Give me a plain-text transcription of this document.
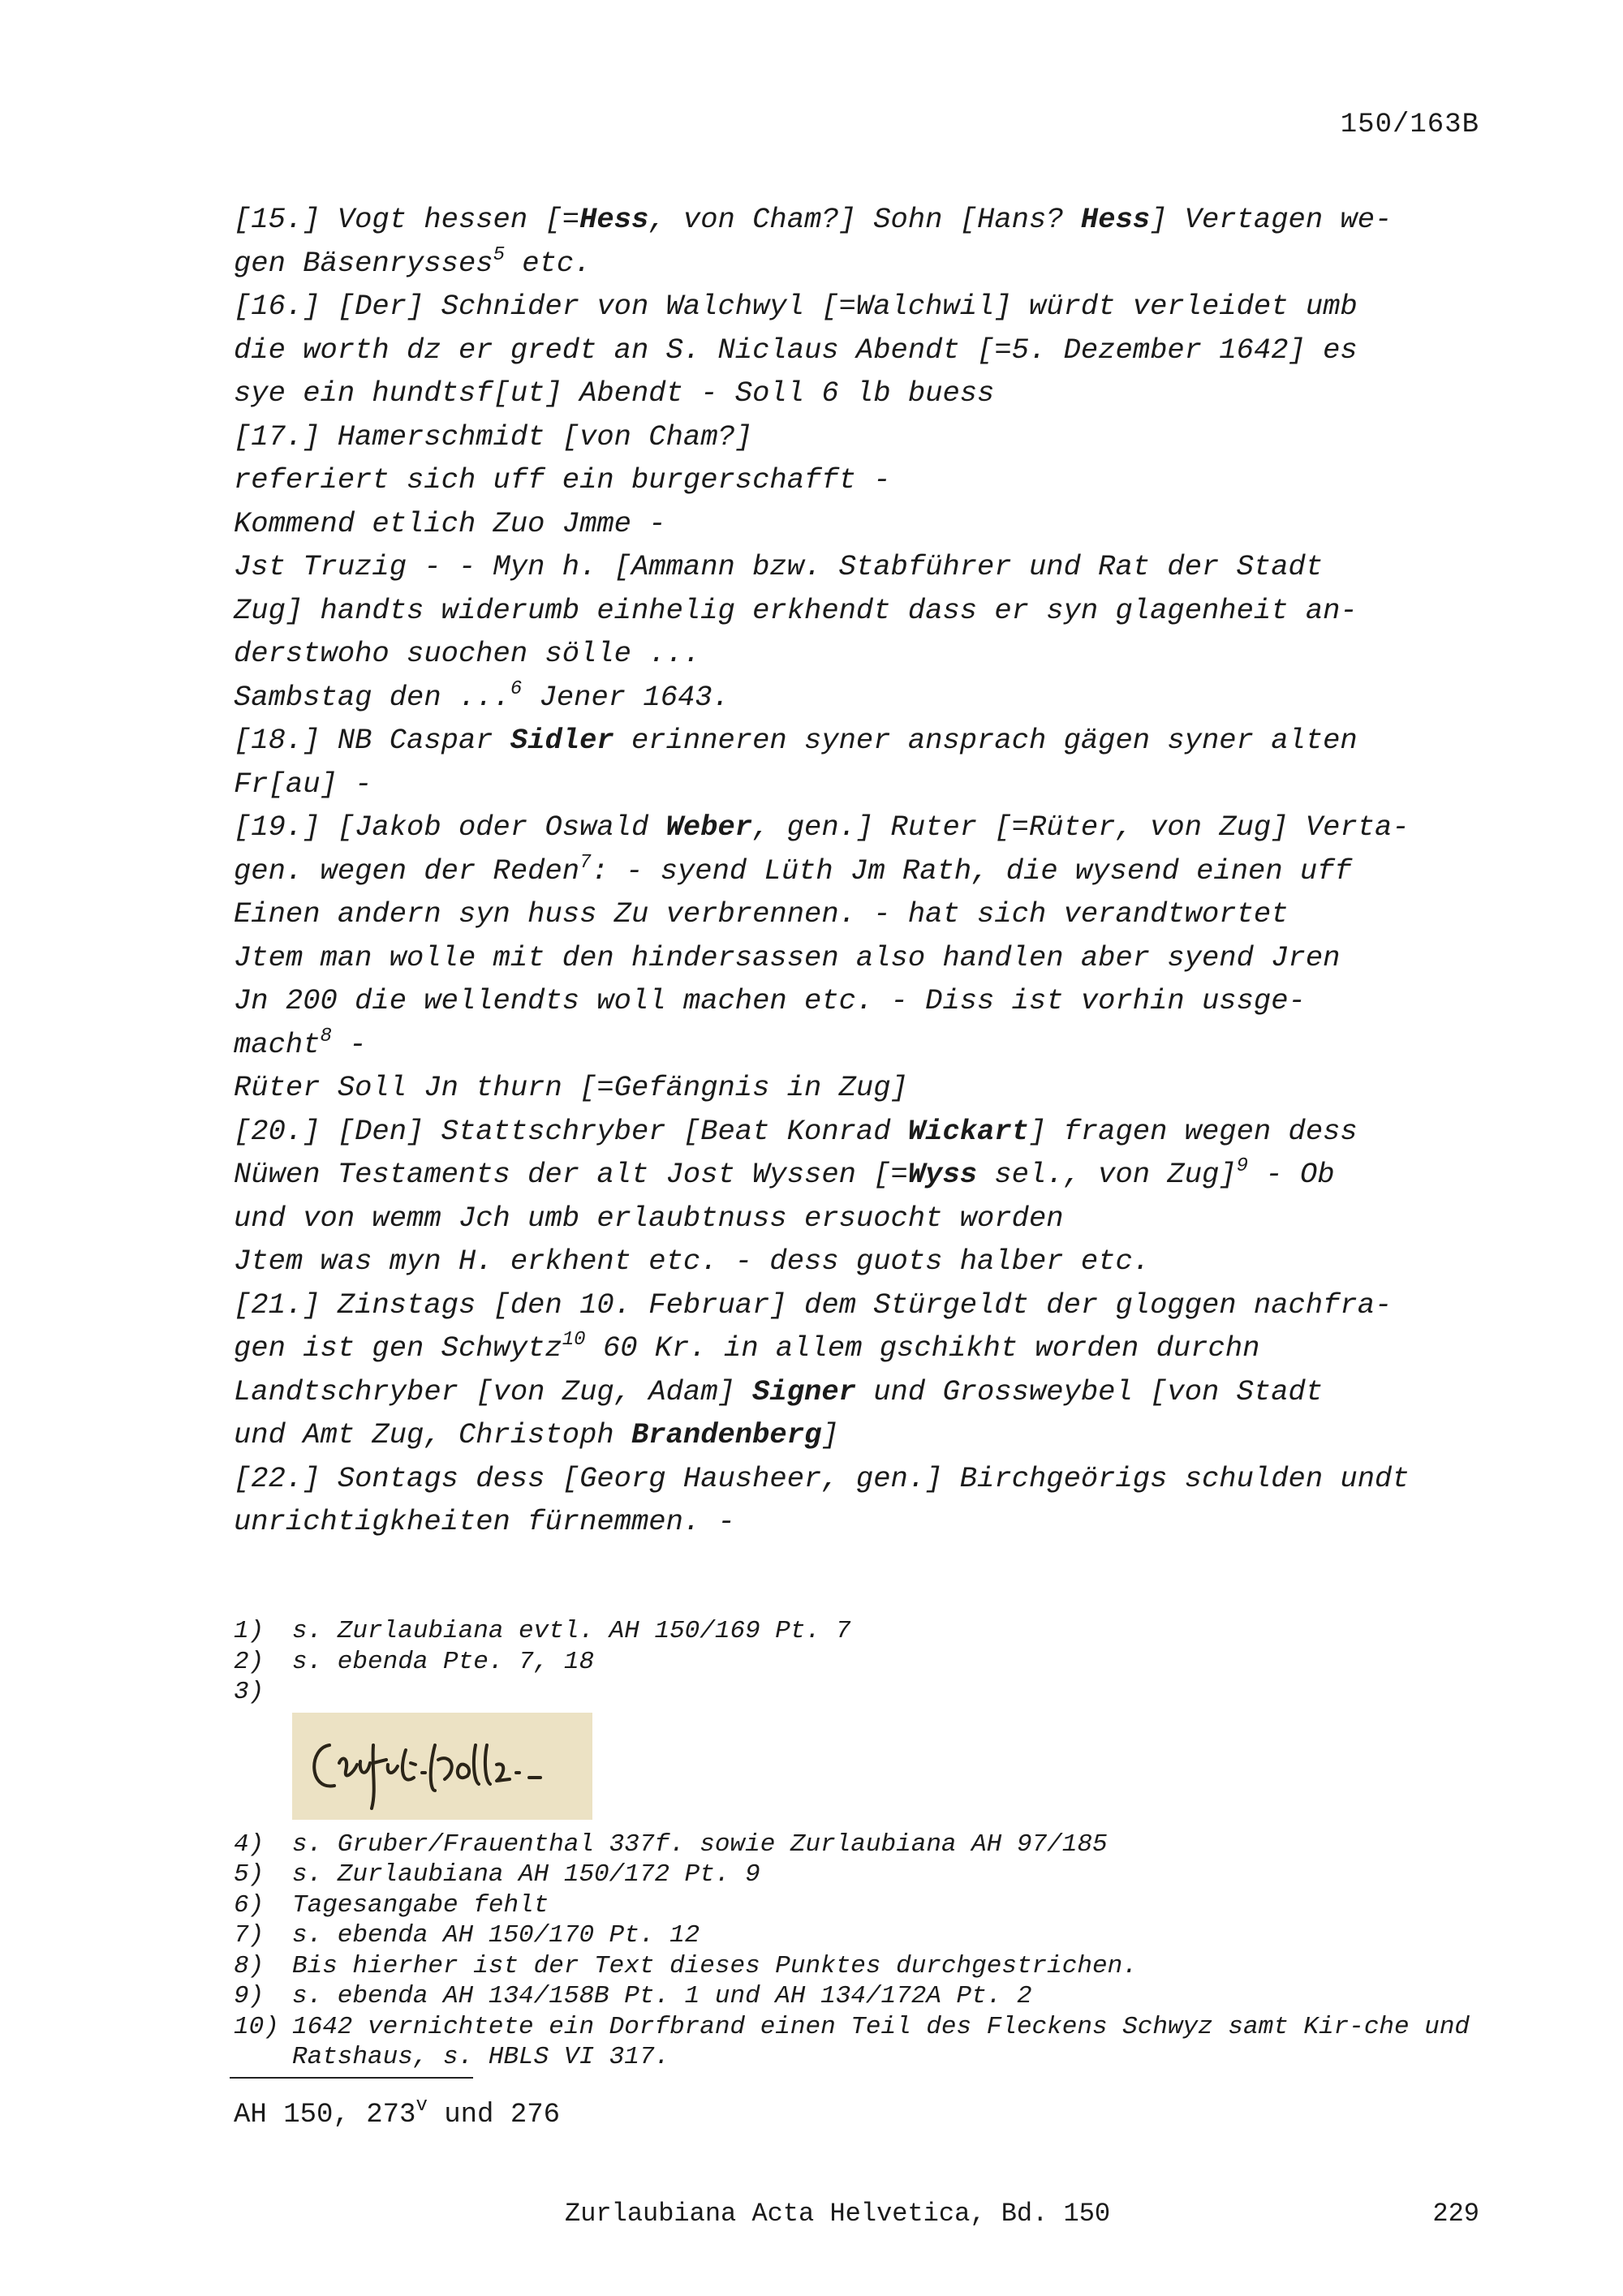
150/163B

[15.] Vogt hessen [=Hess, von Cham?] Sohn [Hans? Hess] Vertagen we-
gen Bäsenrysses$^5$ etc.

[16.] [Der] Schnider von Walchwyl [=Walchwil] würdt verleidet umb
die worth dz er gredt an S. Niclaus Abendt [=5. Dezember 1642] es
sye ein hundtsf[ut] Abendt - Soll 6 lb buess

[17.] Hamerschmidt [von Cham?]
referiert sich uff ein burgerschafft -
Kommend etlich Zuo Jmme -
Jst Truzig - - Myn h. [Ammann bzw. Stabführer und Rat der Stadt
Zug] handts widerumb einhelig erkhendt dass er syn glagenheit an-
derstwoho suochen sölle ...
Sambstag den ...$^6$ Jener 1643.

[18.] NB Caspar Sidler erinneren syner ansprach gägen syner alten
Fr[au] -

[19.] [Jakob oder Oswald Weber, gen.] Ruter [=Rüter, von Zug] Verta-
gen. wegen der Reden$^7$: - syend Lüth Jm Rath, die wysend einen uff
Einen andern syn huss Zu verbrennen. - hat sich verandtwortet
Jtem man wolle mit den hindersassen also handlen aber syend Jren
Jn 200 die wellendts woll machen etc. - Diss ist vorhin ussge-
macht$^8$ -
Rüter Soll Jn thurn [=Gefängnis in Zug]

[20.] [Den] Stattschryber [Beat Konrad Wickart] fragen wegen dess
Nüwen Testaments der alt Jost Wyssen [=Wyss sel., von Zug]$^9$ - Ob
und von wemm Jch umb erlaubtnuss ersuocht worden
Jtem was myn H. erkhent etc. - dess guots halber etc.

[21.] Zinstags [den 10. Februar] dem Stürgeldt der gloggen nachfra-
gen ist gen Schwytz$^{10}$ 60 Kr. in allem gschikht worden durchn
Landtschryber [von Zug, Adam] Signer und Grossweybel [von Stadt
und Amt Zug, Christoph Brandenberg]

[22.] Sontags dess [Georg Hausheer, gen.] Birchgeörigs schulden undt
unrichtigkheiten fürnemmen. -

1)	s. Zurlaubiana evtl. AH 150/169 Pt. 7
2)	s. ebenda Pte. 7, 18
3)
4)	s. Gruber/Frauenthal 337f. sowie Zurlaubiana AH 97/185
5)	s. Zurlaubiana AH 150/172 Pt. 9
6)	Tagesangabe fehlt
7)	s. ebenda AH 150/170 Pt. 12
8)	Bis hierher ist der Text dieses Punktes durchgestrichen.
9)	s. ebenda AH 134/158B Pt. 1 und AH 134/172A Pt. 2
10) 1642 vernichtete ein Dorfbrand einen Teil des Fleckens Schwyz samt Kir-che und Ratshaus, s. HBLS VI 317.
AH 150, 273$^v$ und 276
Zurlaubiana Acta Helvetica, Bd. 150	229
